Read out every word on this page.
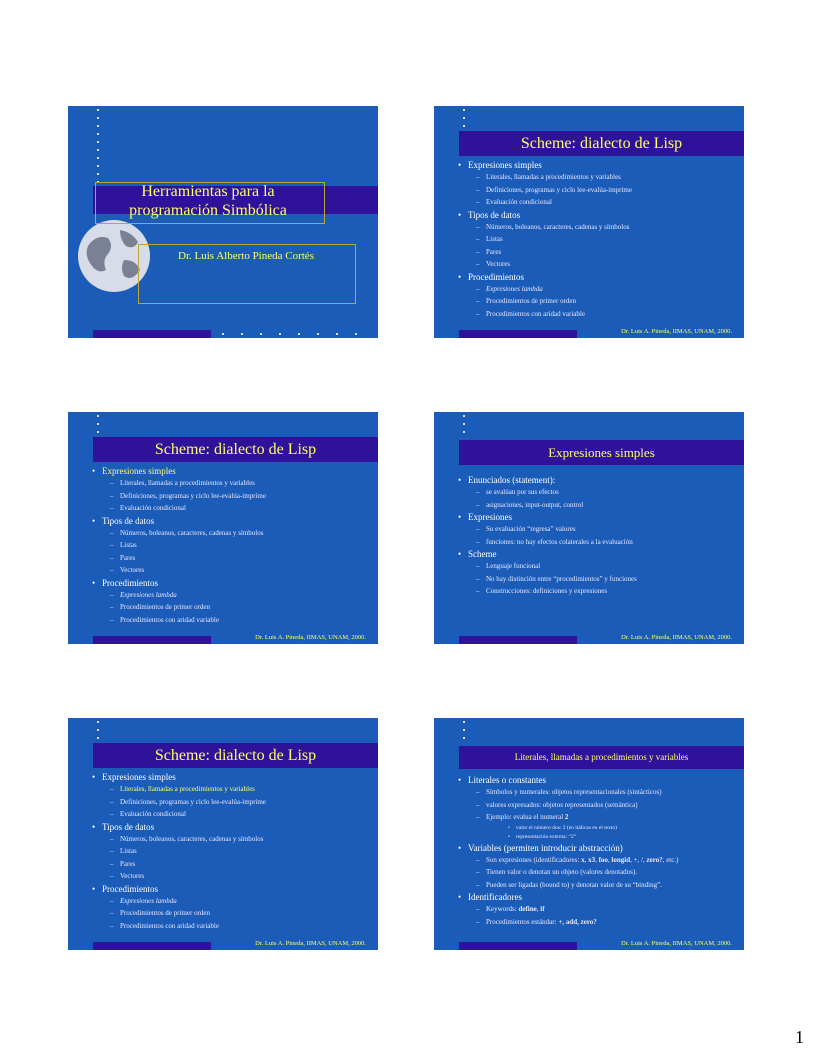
Herramientas para la programación Simbólica
Dr. Luis Alberto Pineda Cortés
Scheme: dialecto de Lisp
• Expresiones simples
– Literales, llamadas a procedimientos y variables
– Definiciones, programas y ciclo lee-evalúa-imprime
– Evaluación condicional
• Tipos de datos
– Números, boleanos, caracteres, cadenas y símbolos
– Listas
– Pares
– Vectores
• Procedimientos
– Expresiones lambda
– Procedimientos de primer orden
– Procedimientos con aridad variable
Dr. Luis A. Pineda, IIMAS, UNAM, 2000.
Scheme: dialecto de Lisp
• Expresiones simples
– Literales, llamadas a procedimientos y variables
– Definiciones, programas y ciclo lee-evalúa-imprime
– Evaluación condicional
• Tipos de datos
– Números, boleanos, caracteres, cadenas y símbolos
– Listas
– Pares
– Vectores
• Procedimientos
– Expresiones lambda
– Procedimientos de primer orden
– Procedimientos con aridad variable
Dr. Luis A. Pineda, IIMAS, UNAM, 2000.
Expresiones simples
• Enunciados (statement):
– se avalúan por sus efectos
– asignaciones, input-output, control
• Expresiones
– Su evaluación “regresa” valores
– funciones: no hay efectos colaterales a la evaluación
• Scheme
– Lenguaje funcional
– No hay distinción entre “procedimientos” y funciones
– Construcciones: definiciones y expresiones
Dr. Luis A. Pineda, IIMAS, UNAM, 2000.
Scheme: dialecto de Lisp
• Expresiones simples
– Literales, llamadas a procedimientos y variables
– Definiciones, programas y ciclo lee-evalúa-imprime
– Evaluación condicional
• Tipos de datos
– Números, boleanos, caracteres, cadenas y símbolos
– Listas
– Pares
– Vectores
• Procedimientos
– Expresiones lambda
– Procedimientos de primer orden
– Procedimientos con aridad variable
Dr. Luis A. Pineda, IIMAS, UNAM, 2000.
Literales, llamadas a procedimientos y variables
• Literales o constantes
– Símbolos y numerales: objetos representacionales (sintácticos)
– valores expresados: objetos representados (semántica)
– Ejemplo: evalua el numeral 2
• valor el número dos: 2 (en itálicas en el texto)
• representación externa: “2”
• Variables (permiten introducir abstracción)
– Son expresiones (identificadores: x, x3, foo, longid, +, /, zero?, etc.)
– Tienen valor o denotan un objeto (valores denotados).
– Pueden ser ligadas (bound to) y denotan valor de su “binding”.
• Identificadores
– Keywords: define, if
– Procedimientos estándar: +, add, zero?
Dr. Luis A. Pineda, IIMAS, UNAM, 2000.
1
